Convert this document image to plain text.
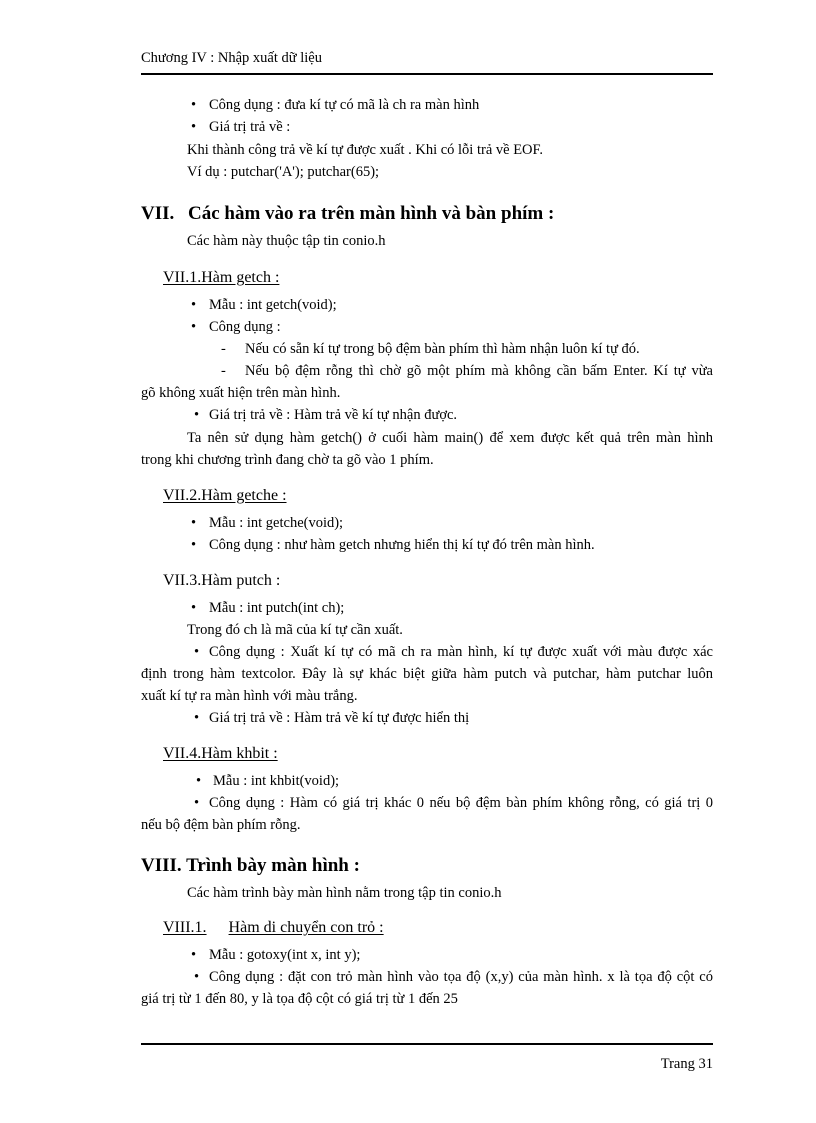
Chương IV : Nhập xuất dữ liệu
• Công dụng : đưa kí tự có mã là ch ra màn hình
• Giá trị trả về :
Khi thành công trả về kí tự được xuất . Khi có lỗi trả về EOF.
Ví dụ : putchar('A'); putchar(65);
VII. Các hàm vào ra trên màn hình và bàn phím :
Các hàm này thuộc tập tin conio.h
VII.1.Hàm getch :
• Mẫu : int getch(void);
• Công dụng :
- Nếu có sẵn kí tự trong bộ đệm bàn phím thì hàm nhận luôn kí tự đó.
- Nếu bộ đệm rỗng thì chờ gõ một phím mà không cần bấm Enter. Kí tự vừa
gõ không xuất hiện trên màn hình.
• Giá trị trả về : Hàm trả về kí tự nhận được.
Ta nên sử dụng hàm getch() ở cuối hàm main() để xem được kết quả trên màn hình
trong khi chương trình đang chờ ta gõ vào 1 phím.
VII.2.Hàm getche :
• Mẫu : int getche(void);
• Công dụng : như hàm getch nhưng hiển thị kí tự đó trên màn hình.
VII.3.Hàm putch :
• Mẫu : int putch(int ch);
Trong đó ch là mã của kí tự cần xuất.
• Công dụng : Xuất kí tự có mã ch ra màn hình, kí tự được xuất với màu được xác
định trong hàm textcolor. Đây là sự khác biệt giữa hàm putch và putchar, hàm putchar luôn
xuất kí tự ra màn hình với màu trắng.
• Giá trị trả về : Hàm trả về kí tự được hiển thị
VII.4.Hàm khbit :
• Mẫu : int khbit(void);
• Công dụng : Hàm có giá trị khác 0 nếu bộ đệm bàn phím không rỗng, có giá trị 0
nếu bộ đệm bàn phím rỗng.
VIII. Trình bày màn hình :
Các hàm trình bày màn hình nằm trong tập tin conio.h
VIII.1. Hàm di chuyển con trỏ :
• Mẫu : gotoxy(int x, int y);
• Công dụng : đặt con trỏ màn hình vào tọa độ (x,y) của màn hình. x là tọa độ cột có
giá trị từ 1 đến 80, y là tọa độ cột có giá trị từ 1 đến 25
Trang 31
